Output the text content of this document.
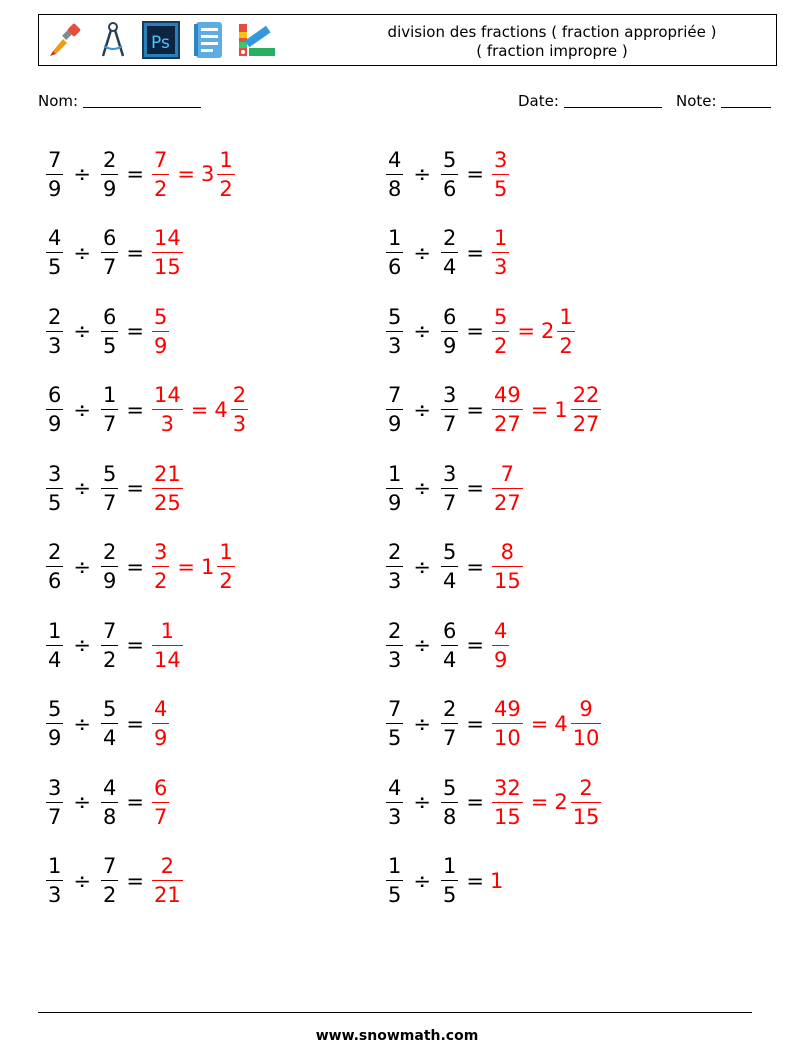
Ps
division des fractions ( fraction appropriée )
( fraction impropre )
Nom:	Date:	Note:
$\frac{7}{9} \div \frac{2}{9} = \frac{7}{2} = 3 \frac{1}{2}$
$\frac{4}{5} \div \frac{6}{7} = \frac{14}{15}$
$\frac{2}{3} \div \frac{6}{5} = \frac{5}{9}$
$\frac{6}{9} \div \frac{1}{7} = \frac{14}{3} = 4 \frac{2}{3}$
$\frac{3}{5} \div \frac{5}{7} = \frac{21}{25}$
$\frac{2}{6} \div \frac{2}{9} = \frac{3}{2} = 1 \frac{1}{2}$
$\frac{1}{4} \div \frac{7}{2} = \frac{1}{14}$
$\frac{5}{9} \div \frac{5}{4} = \frac{4}{9}$
$\frac{3}{7} \div \frac{4}{8} = \frac{6}{7}$
$\frac{1}{3} \div \frac{7}{2} = \frac{2}{21}$
$\frac{4}{8} \div \frac{5}{6} = \frac{3}{5}$
$\frac{1}{6} \div \frac{2}{4} = \frac{1}{3}$
$\frac{5}{3} \div \frac{6}{9} = \frac{5}{2} = 2 \frac{1}{2}$
$\frac{7}{9} \div \frac{3}{7} = \frac{49}{27} = 1 \frac{22}{27}$
$\frac{1}{9} \div \frac{3}{7} = \frac{7}{27}$
$\frac{2}{3} \div \frac{5}{4} = \frac{8}{15}$
$\frac{2}{3} \div \frac{6}{4} = \frac{4}{9}$
$\frac{7}{5} \div \frac{2}{7} = \frac{49}{10} = 4 \frac{9}{10}$
$\frac{4}{3} \div \frac{5}{8} = \frac{32}{15} = 2 \frac{2}{15}$
$\frac{1}{5} \div \frac{1}{5} = 1$
www.snowmath.com
